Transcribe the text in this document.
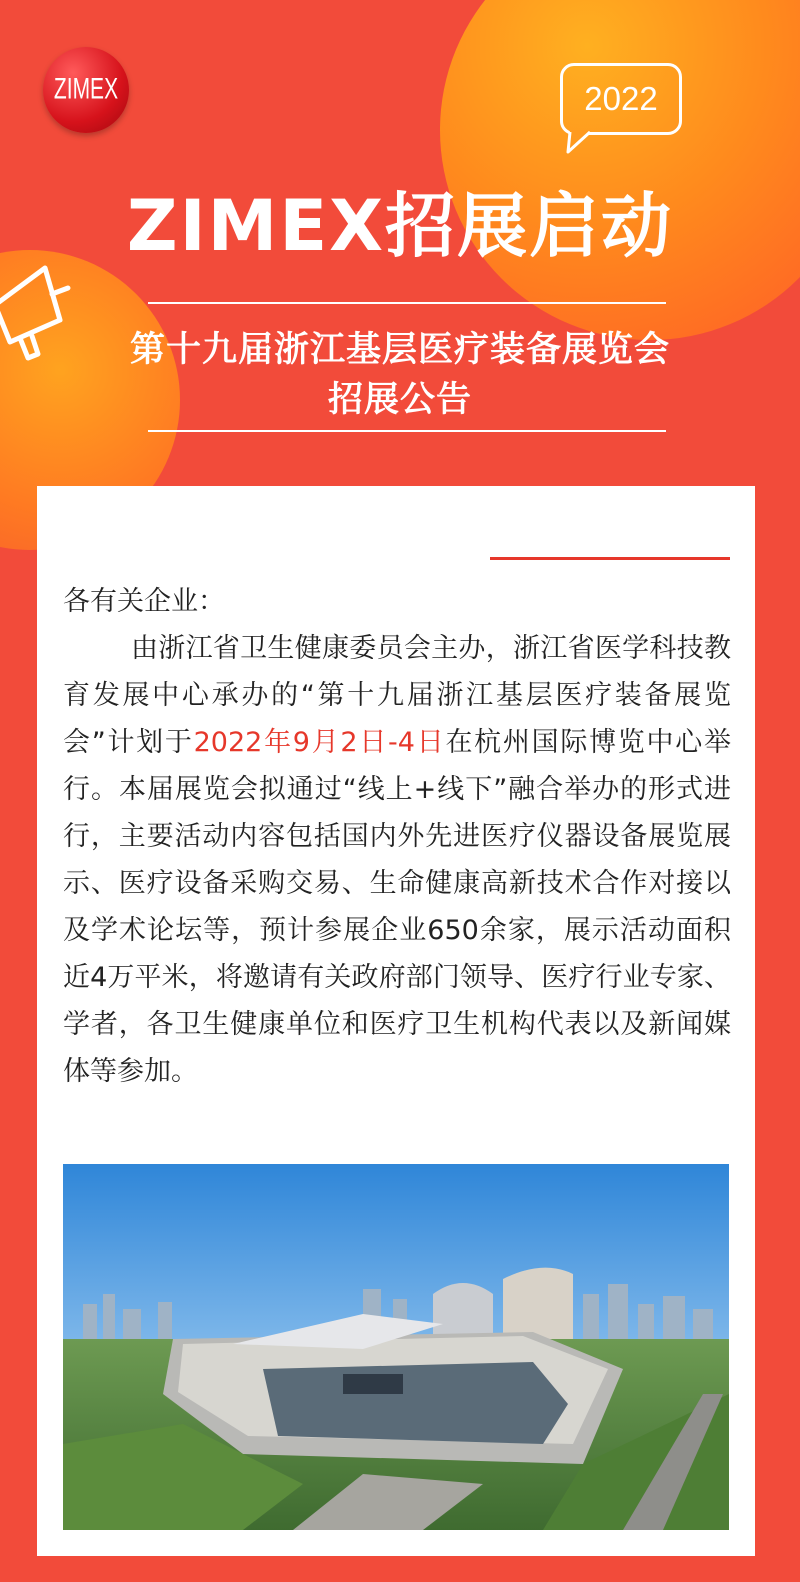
ZIMEX	2022
ZIMEX招展启动
第十九届浙江基层医疗装备展览会
招展公告

各有关企业：

由浙江省卫生健康委员会主办，浙江省医学科技教育发展中心承办的“第十九届浙江基层医疗装备展览会”计划于2022年9月2日-4日在杭州国际博览中心举行。本届展览会拟通过“线上+线下”融合举办的形式进行，主要活动内容包括国内外先进医疗仪器设备展览展示、医疗设备采购交易、生命健康高新技术合作对接以及学术论坛等，预计参展企业650余家，展示活动面积近4万平米，将邀请有关政府部门领导、医疗行业专家、学者，各卫生健康单位和医疗卫生机构代表以及新闻媒体等参加。
